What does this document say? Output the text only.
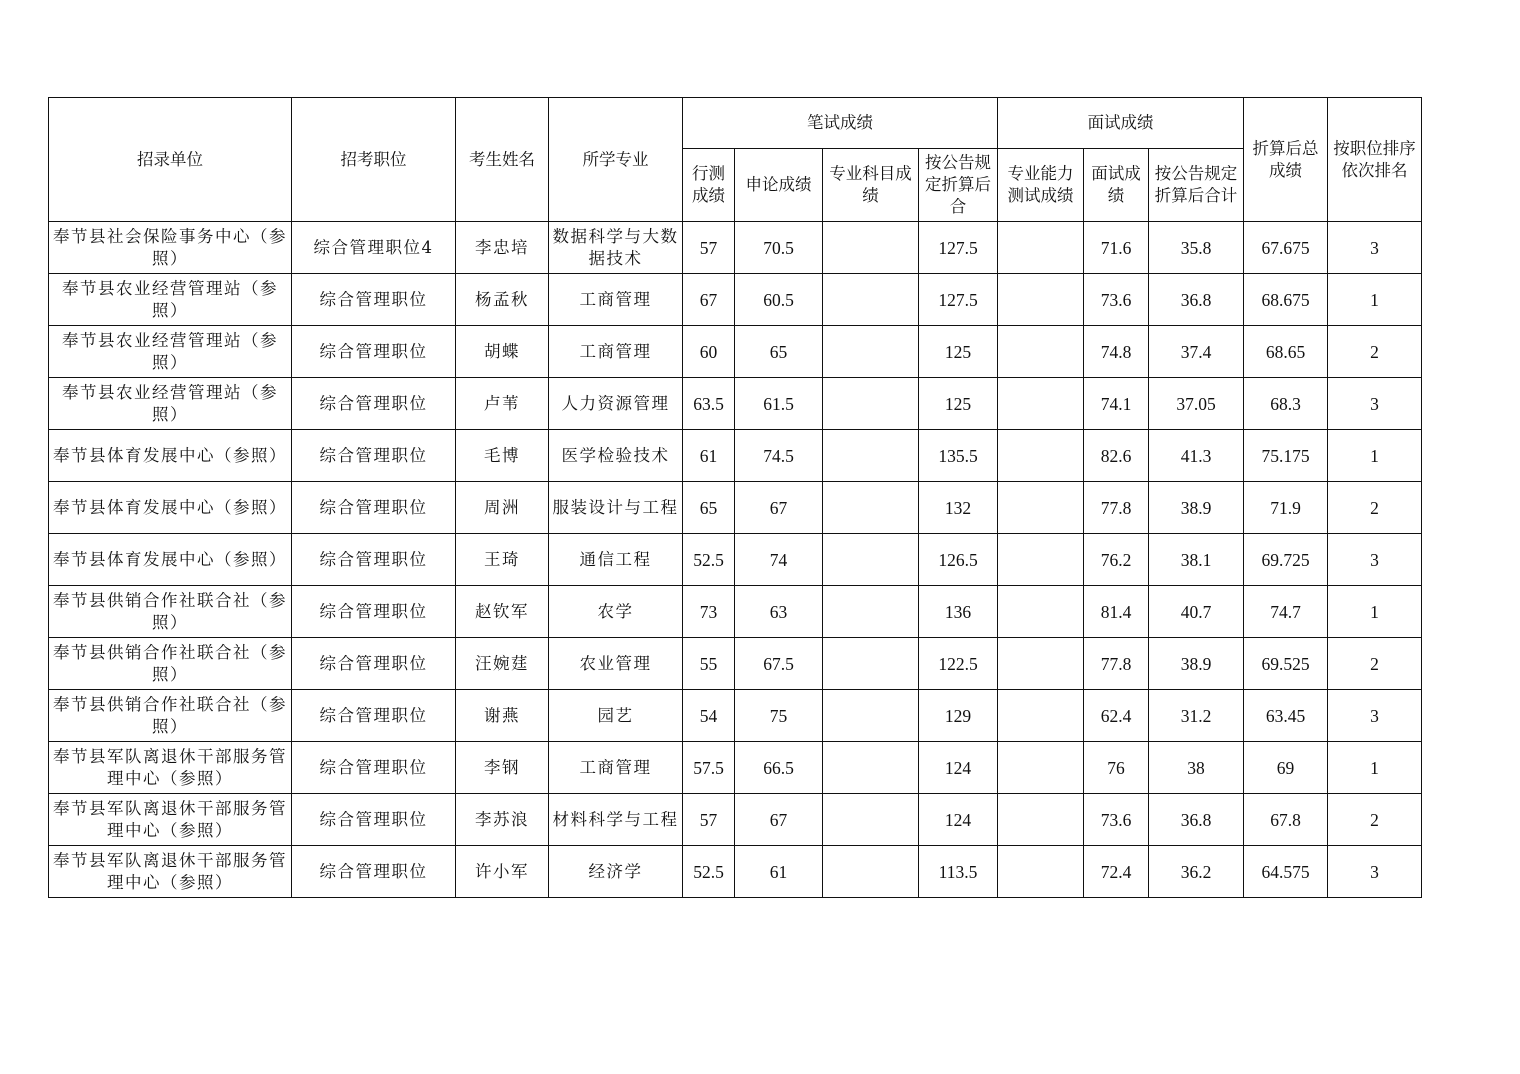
招录单位	招考职位	考生姓名	所学专业	笔试成绩				面试成绩			折算后总成绩	按职位排序依次排名
				行测成绩	申论成绩	专业科目成绩	按公告规定折算后合	专业能力测试成绩	面试成绩	按公告规定折算后合计		
奉节县社会保险事务中心（参照）	综合管理职位4	李忠培	数据科学与大数据技术	57	70.5		127.5		71.6	35.8	67.675	3
奉节县农业经营管理站（参照）	综合管理职位	杨孟秋	工商管理	67	60.5		127.5		73.6	36.8	68.675	1
奉节县农业经营管理站（参照）	综合管理职位	胡蝶	工商管理	60	65		125		74.8	37.4	68.65	2
奉节县农业经营管理站（参照）	综合管理职位	卢苇	人力资源管理	63.5	61.5		125		74.1	37.05	68.3	3
奉节县体育发展中心（参照）	综合管理职位	毛博	医学检验技术	61	74.5		135.5		82.6	41.3	75.175	1
奉节县体育发展中心（参照）	综合管理职位	周洲	服装设计与工程	65	67		132		77.8	38.9	71.9	2
奉节县体育发展中心（参照）	综合管理职位	王琦	通信工程	52.5	74		126.5		76.2	38.1	69.725	3
奉节县供销合作社联合社（参照）	综合管理职位	赵钦军	农学	73	63		136		81.4	40.7	74.7	1
奉节县供销合作社联合社（参照）	综合管理职位	汪婉莛	农业管理	55	67.5		122.5		77.8	38.9	69.525	2
奉节县供销合作社联合社（参照）	综合管理职位	谢燕	园艺	54	75		129		62.4	31.2	63.45	3
奉节县军队离退休干部服务管理中心（参照）	综合管理职位	李钢	工商管理	57.5	66.5		124		76	38	69	1
奉节县军队离退休干部服务管理中心（参照）	综合管理职位	李苏浪	材料科学与工程	57	67		124		73.6	36.8	67.8	2
奉节县军队离退休干部服务管理中心（参照）	综合管理职位	许小军	经济学	52.5	61		113.5		72.4	36.2	64.575	3
